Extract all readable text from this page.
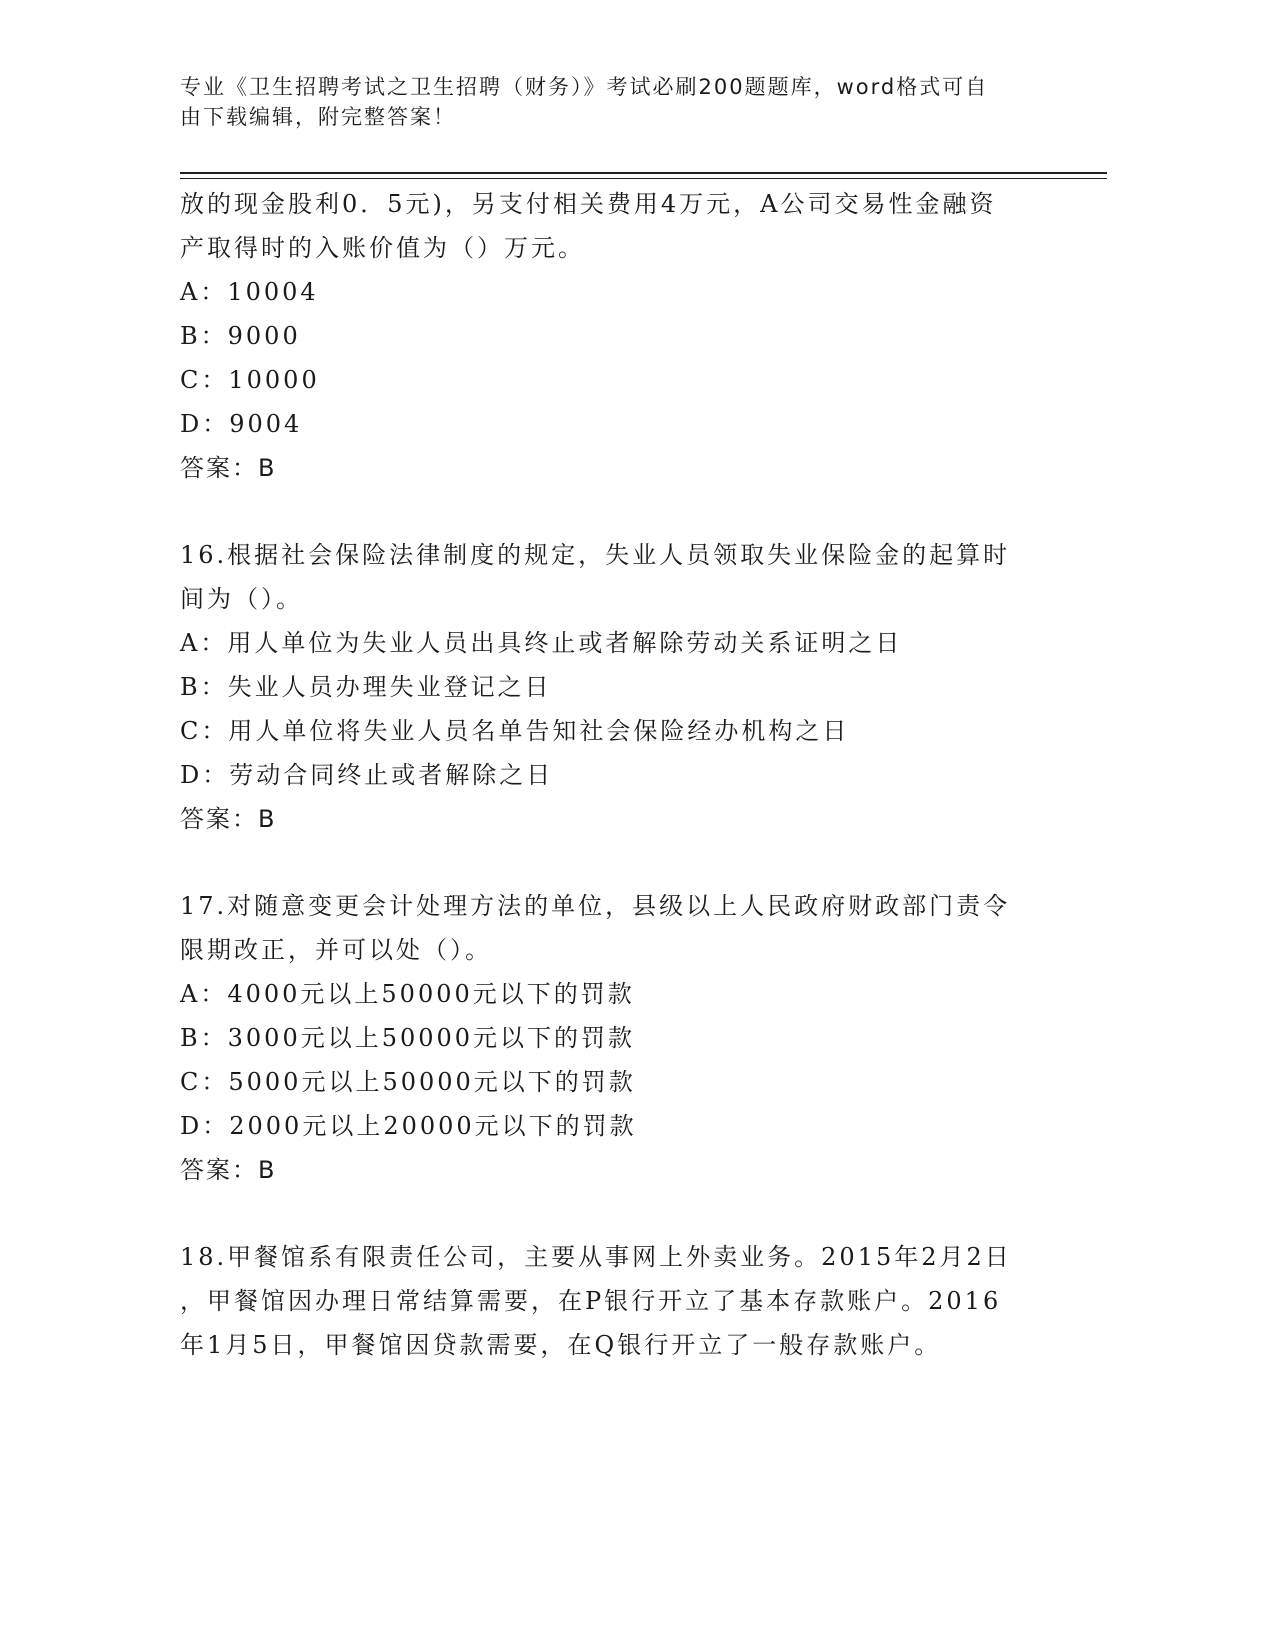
专业《卫生招聘考试之卫生招聘（财务）》考试必刷200题题库，word格式可自
由下载编辑，附完整答案！
放的现金股利0．5元)，另支付相关费用4万元，A公司交易性金融资
产取得时的入账价值为（）万元。
A：10004
B：9000
C：10000
D：9004
答案：B
16.根据社会保险法律制度的规定，失业人员领取失业保险金的起算时
间为（）。
A：用人单位为失业人员出具终止或者解除劳动关系证明之日
B：失业人员办理失业登记之日
C：用人单位将失业人员名单告知社会保险经办机构之日
D：劳动合同终止或者解除之日
答案：B
17.对随意变更会计处理方法的单位，县级以上人民政府财政部门责令
限期改正，并可以处（）。
A：4000元以上50000元以下的罚款
B：3000元以上50000元以下的罚款
C：5000元以上50000元以下的罚款
D：2000元以上20000元以下的罚款
答案：B
18.甲餐馆系有限责任公司，主要从事网上外卖业务。2015年2月2日
，甲餐馆因办理日常结算需要，在P银行开立了基本存款账户。2016
年1月5日，甲餐馆因贷款需要，在Q银行开立了一般存款账户。
